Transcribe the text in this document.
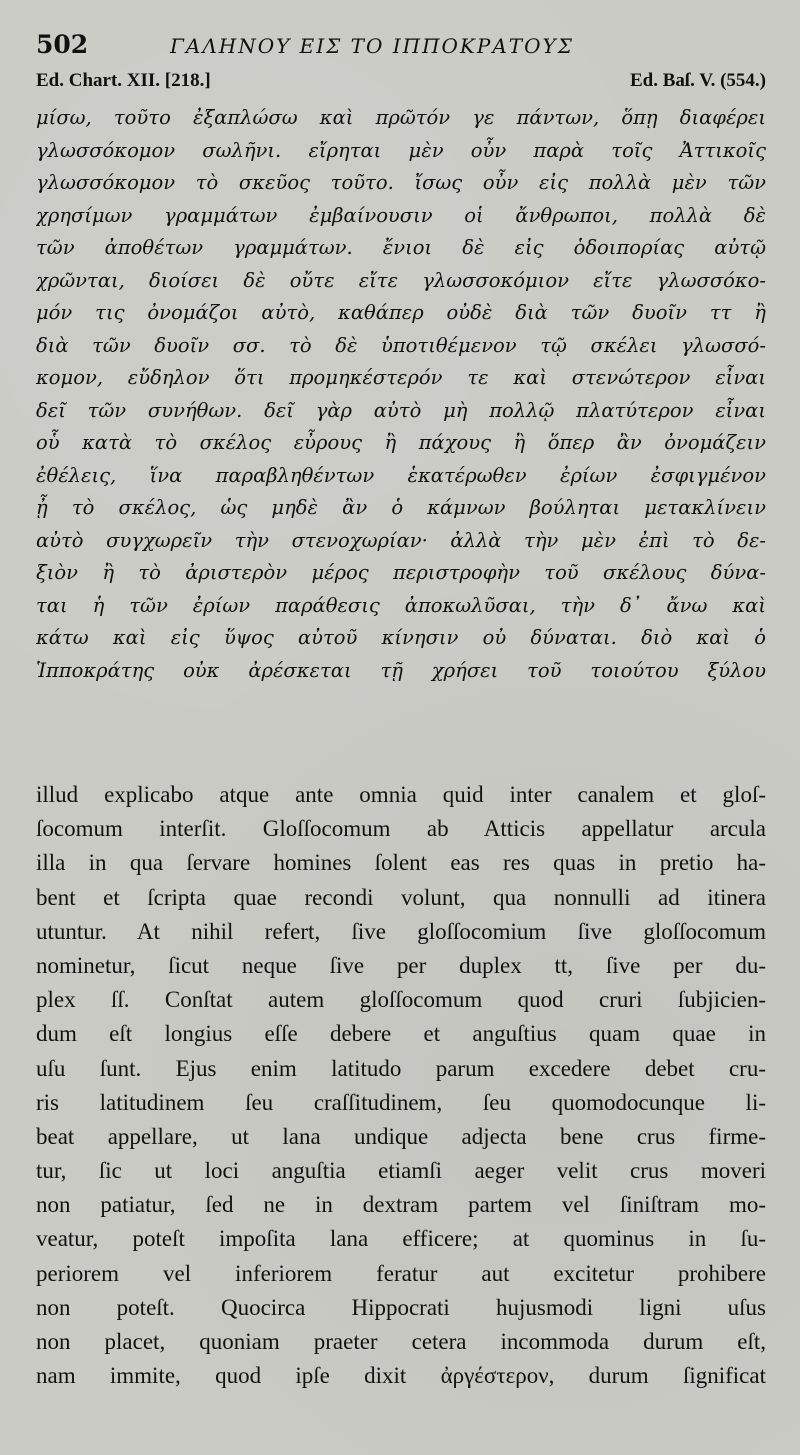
502	ΓΑΛΗΝΟΥ ΕΙΣ ΤΟ ΙΠΠΟΚΡΑΤΟΥΣ
Ed. Chart. XII. [218.]	Ed. Baſ. V. (554.)
μίσω, τοῦτο ἐξαπλώσω καὶ πρῶτόν γε πάντων, ὅπῃ διαφέρει
γλωσσόκομον σωλῆνι. εἴρηται μὲν οὖν παρὰ τοῖς Ἀττικοῖς
γλωσσόκομον τὸ σκεῦος τοῦτο. ἴσως οὖν εἰς πολλὰ μὲν τῶν
χρησίμων γραμμάτων ἐμβαίνουσιν οἱ ἄνθρωποι, πολλὰ δὲ
τῶν ἀποθέτων γραμμάτων. ἔνιοι δὲ εἰς ὁδοιπορίας αὐτῷ
χρῶνται, διοίσει δὲ οὔτε εἴτε γλωσσοκόμιον εἴτε γλωσσόκο-
μόν τις ὀνομάζοι αὐτὸ, καθάπερ οὐδὲ διὰ τῶν δυοῖν ττ ἢ
διὰ τῶν δυοῖν σσ. τὸ δὲ ὑποτιθέμενον τῷ σκέλει γλωσσό-
κομον, εὔδηλον ὅτι προμηκέστερόν τε καὶ στενώτερον εἶναι
δεῖ τῶν συνήθων. δεῖ γὰρ αὐτὸ μὴ πολλῷ πλατύτερον εἶναι
οὗ κατὰ τὸ σκέλος εὖρους ἢ πάχους ἢ ὅπερ ἂν ὀνομάζειν
ἐθέλεις, ἵνα παραβληθέντων ἑκατέρωθεν ἐρίων ἐσφιγμένον
ᾖ τὸ σκέλος, ὡς μηδὲ ἂν ὁ κάμνων βούληται μετακλίνειν
αὐτὸ συγχωρεῖν τὴν στενοχωρίαν· ἀλλὰ τὴν μὲν ἐπὶ τὸ δε-
ξιὸν ἢ τὸ ἀριστερὸν μέρος περιστροφὴν τοῦ σκέλους δύνα-
ται ἡ τῶν ἐρίων παράθεσις ἀποκωλῦσαι, τὴν δ᾽ ἄνω καὶ
κάτω καὶ εἰς ὕψος αὐτοῦ κίνησιν οὐ δύναται. διὸ καὶ ὁ
Ἱπποκράτης οὐκ ἀρέσκεται τῇ χρήσει τοῦ τοιούτου ξύλου
illud explicabo atque ante omnia quid inter canalem et gloſ-
ſocomum interſit. Gloſſocomum ab Atticis appellatur arcula
illa in qua ſervare homines ſolent eas res quas in pretio ha-
bent et ſcripta quae recondi volunt, qua nonnulli ad itinera
utuntur. At nihil refert, ſive gloſſocomium ſive gloſſocomum
nominetur, ſicut neque ſive per duplex tt, ſive per du-
plex ſſ. Conſtat autem gloſſocomum quod cruri ſubjicien-
dum eſt longius eſſe debere et anguſtius quam quae in
uſu ſunt. Ejus enim latitudo parum excedere debet cru-
ris latitudinem ſeu craſſitudinem, ſeu quomodocunque li-
beat appellare, ut lana undique adjecta bene crus firme-
tur, ſic ut loci anguſtia etiamſi aeger velit crus moveri
non patiatur, ſed ne in dextram partem vel ſiniſtram mo-
veatur, poteſt impoſita lana efficere; at quominus in ſu-
periorem vel inferiorem feratur aut excitetur prohibere
non poteſt. Quocirca Hippocrati hujusmodi ligni uſus
non placet, quoniam praeter cetera incommoda durum eſt,
nam immite, quod ipſe dixit ἀργέστερον, durum ſignificat
